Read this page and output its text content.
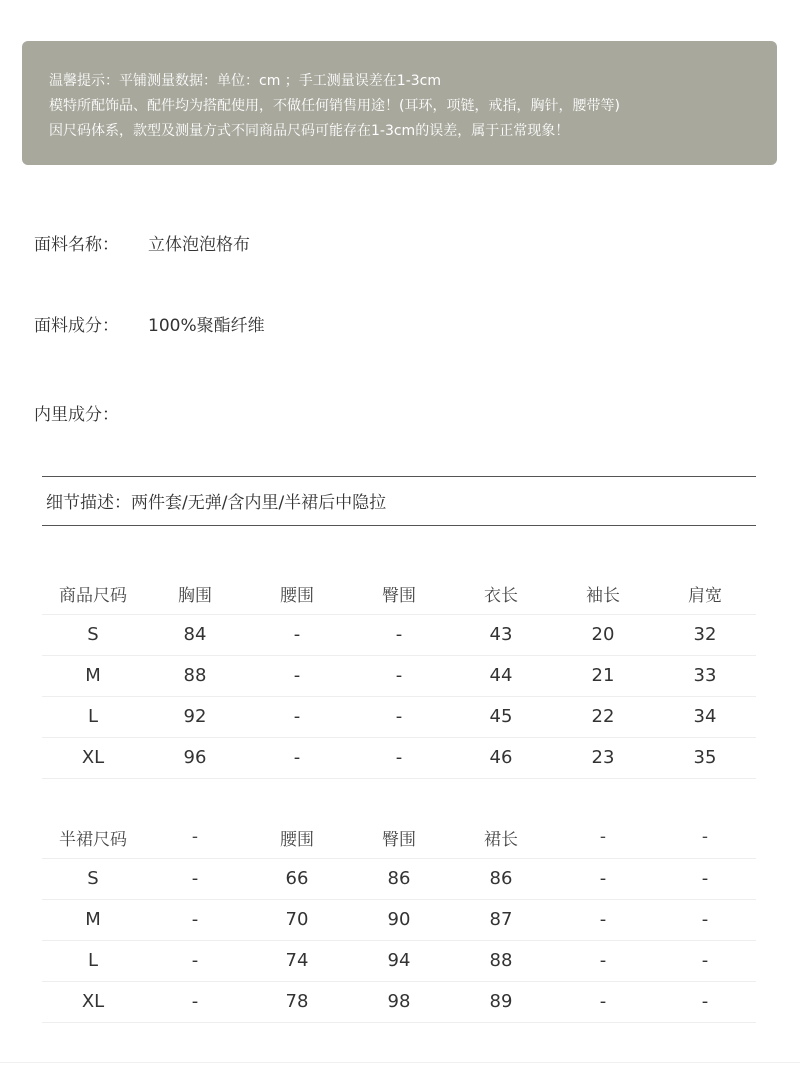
温馨提示：平铺测量数据：单位：cm ；手工测量误差在1-3cm
模特所配饰品、配件均为搭配使用，不做任何销售用途！(耳环，项链，戒指，胸针，腰带等)
因尺码体系，款型及测量方式不同商品尺码可能存在1-3cm的误差，属于正常现象！
面料名称： 立体泡泡格布
面料成分： 100%聚酯纤维
内里成分：
细节描述：两件套/无弹/含内里/半裙后中隐拉
商品尺码	胸围	腰围	臀围	衣长	袖长	肩宽
S	84	-	-	43	20	32
M	88	-	-	44	21	33
L	92	-	-	45	22	34
XL	96	-	-	46	23	35
半裙尺码	-	腰围	臀围	裙长	-	-
S	-	66	86	86	-	-
M	-	70	90	87	-	-
L	-	74	94	88	-	-
XL	-	78	98	89	-	-
